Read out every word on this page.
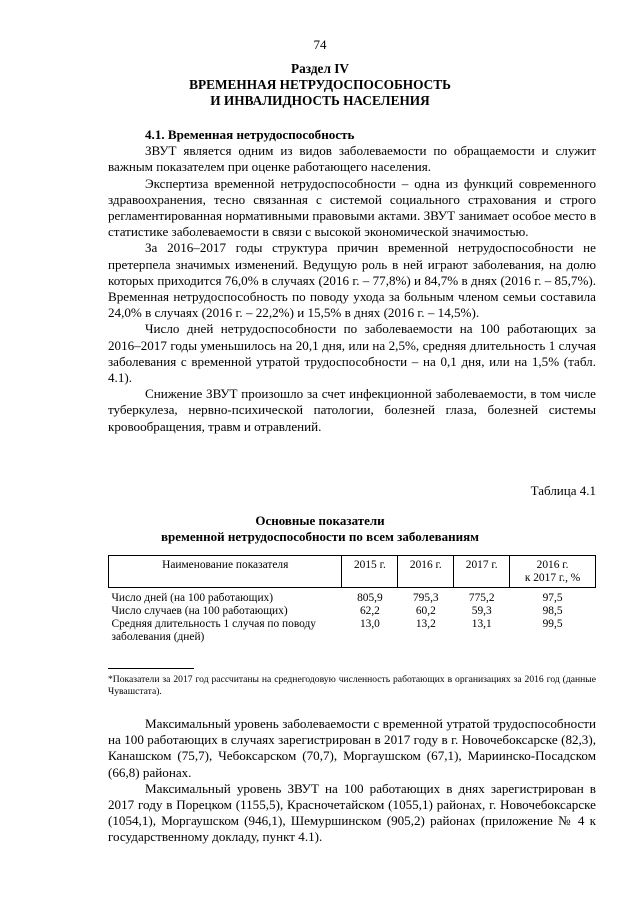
74
Раздел IV
ВРЕМЕННАЯ НЕТРУДОСПОСОБНОСТЬ
И ИНВАЛИДНОСТЬ НАСЕЛЕНИЯ

4.1. Временная нетрудоспособность

ЗВУТ является одним из видов заболеваемости по обращаемости и служит важным показателем при оценке работающего населения.

Экспертиза временной нетрудоспособности – одна из функций современного здравоохранения, тесно связанная с системой социального страхования и строго регламентированная нормативными правовыми актами. ЗВУТ занимает особое место в статистике заболеваемости в связи с высокой экономической значимостью.

За 2016–2017 годы структура причин временной нетрудоспособности не претерпела значимых изменений. Ведущую роль в ней играют заболевания, на долю которых приходится 76,0% в случаях (2016 г. – 77,8%) и 84,7% в днях (2016 г. – 85,7%). Временная нетрудоспособность по поводу ухода за больным членом семьи составила 24,0% в случаях (2016 г. – 22,2%) и 15,5% в днях (2016 г. – 14,5%).

Число дней нетрудоспособности по заболеваемости на 100 работающих за 2016–2017 годы уменьшилось на 20,1 дня, или на 2,5%, средняя длительность 1 случая заболевания с временной утратой трудоспособности – на 0,1 дня, или на 1,5% (табл. 4.1).

Снижение ЗВУТ произошло за счет инфекционной заболеваемости, в том числе туберкулеза, нервно-психической патологии, болезней глаза, болезней системы кровообращения, травм и отравлений.

Таблица 4.1
Основные показатели
временной нетрудоспособности по всем заболеваниям
Наименование показателя	2015 г.	2016 г.	2017 г.	2016 г.
к 2017 г., %

Число дней (на 100 работающих)	805,9	795,3	775,2	97,5
Число случаев (на 100 работающих)	62,2	60,2	59,3	98,5
Средняя длительность 1 случая по поводу заболевания (дней)	13,0	13,2	13,1	99,5

*Показатели за 2017 год рассчитаны на среднегодовую численность работающих в организациях за 2016 год (данные Чувашстата).

Максимальный уровень заболеваемости с временной утратой трудоспособности на 100 работающих в случаях зарегистрирован в 2017 году в г. Новочебоксарске (82,3), Канашском (75,7), Чебоксарском (70,7), Моргаушском (67,1), Мариинско-Посадском (66,8) районах.

Максимальный уровень ЗВУТ на 100 работающих в днях зарегистрирован в 2017 году в Порецком (1155,5), Красночетайском (1055,1) районах, г. Новочебоксарске (1054,1), Моргаушском (946,1), Шемуршинском (905,2) районах (приложение № 4 к государственному докладу, пункт 4.1).
